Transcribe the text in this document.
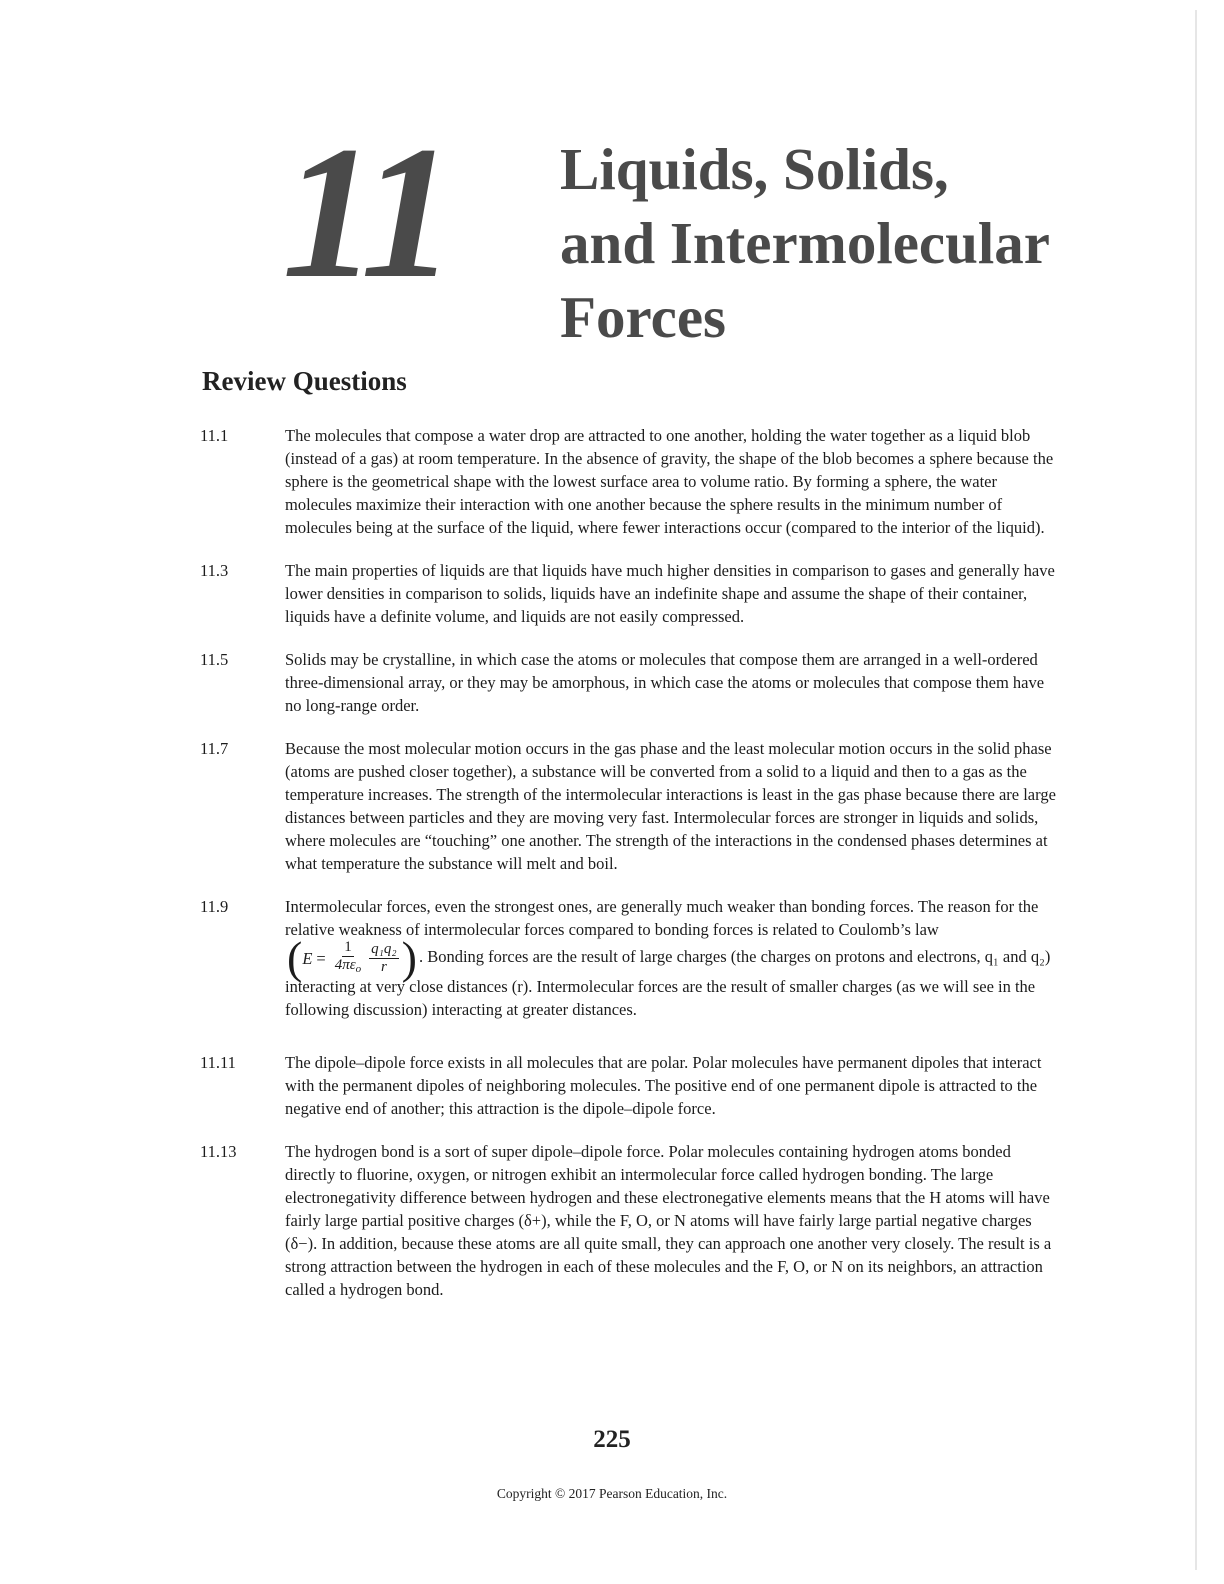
11 Liquids, Solids,
and Intermolecular
Forces
Review Questions
11.1	The molecules that compose a water drop are attracted to one another, holding the water together as a liquid blob (instead of a gas) at room temperature. In the absence of gravity, the shape of the blob becomes a sphere because the sphere is the geometrical shape with the lowest surface area to volume ratio. By forming a sphere, the water molecules maximize their interaction with one another because the sphere results in the minimum number of molecules being at the surface of the liquid, where fewer interactions occur (compared to the interior of the liquid).
11.3	The main properties of liquids are that liquids have much higher densities in comparison to gases and generally have lower densities in comparison to solids, liquids have an indefinite shape and assume the shape of their container, liquids have a definite volume, and liquids are not easily compressed.
11.5	Solids may be crystalline, in which case the atoms or molecules that compose them are arranged in a well-ordered three-dimensional array, or they may be amorphous, in which case the atoms or molecules that compose them have no long-range order.
11.7	Because the most molecular motion occurs in the gas phase and the least molecular motion occurs in the solid phase (atoms are pushed closer together), a substance will be converted from a solid to a liquid and then to a gas as the temperature increases. The strength of the intermolecular interactions is least in the gas phase because there are large distances between particles and they are moving very fast. Intermolecular forces are stronger in liquids and solids, where molecules are “touching” one another. The strength of the interactions in the condensed phases determines at what temperature the substance will melt and boil.
11.9	Intermolecular forces, even the strongest ones, are generally much weaker than bonding forces. The reason for the relative weakness of intermolecular forces compared to bonding forces is related to Coulomb’s law
( $E = \frac{1}{4\pi\varepsilon_o} \frac{\text{q₁q₂}}{r}$ ) . Bonding forces are the result of large charges (the charges on protons and electrons, q₁ and q₂) interacting at very close distances (r). Intermolecular forces are the result of smaller charges (as we will see in the following discussion) interacting at greater distances.
11.11	The dipole–dipole force exists in all molecules that are polar. Polar molecules have permanent dipoles that interact with the permanent dipoles of neighboring molecules. The positive end of one permanent dipole is attracted to the negative end of another; this attraction is the dipole–dipole force.
11.13	The hydrogen bond is a sort of super dipole–dipole force. Polar molecules containing hydrogen atoms bonded directly to fluorine, oxygen, or nitrogen exhibit an intermolecular force called hydrogen bonding. The large electronegativity difference between hydrogen and these electronegative elements means that the H atoms will have fairly large partial positive charges (δ+), while the F, O, or N atoms will have fairly large partial negative charges (δ−). In addition, because these atoms are all quite small, they can approach one another very closely. The result is a strong attraction between the hydrogen in each of these molecules and the F, O, or N on its neighbors, an attraction called a hydrogen bond.
225
Copyright © 2017 Pearson Education, Inc.
